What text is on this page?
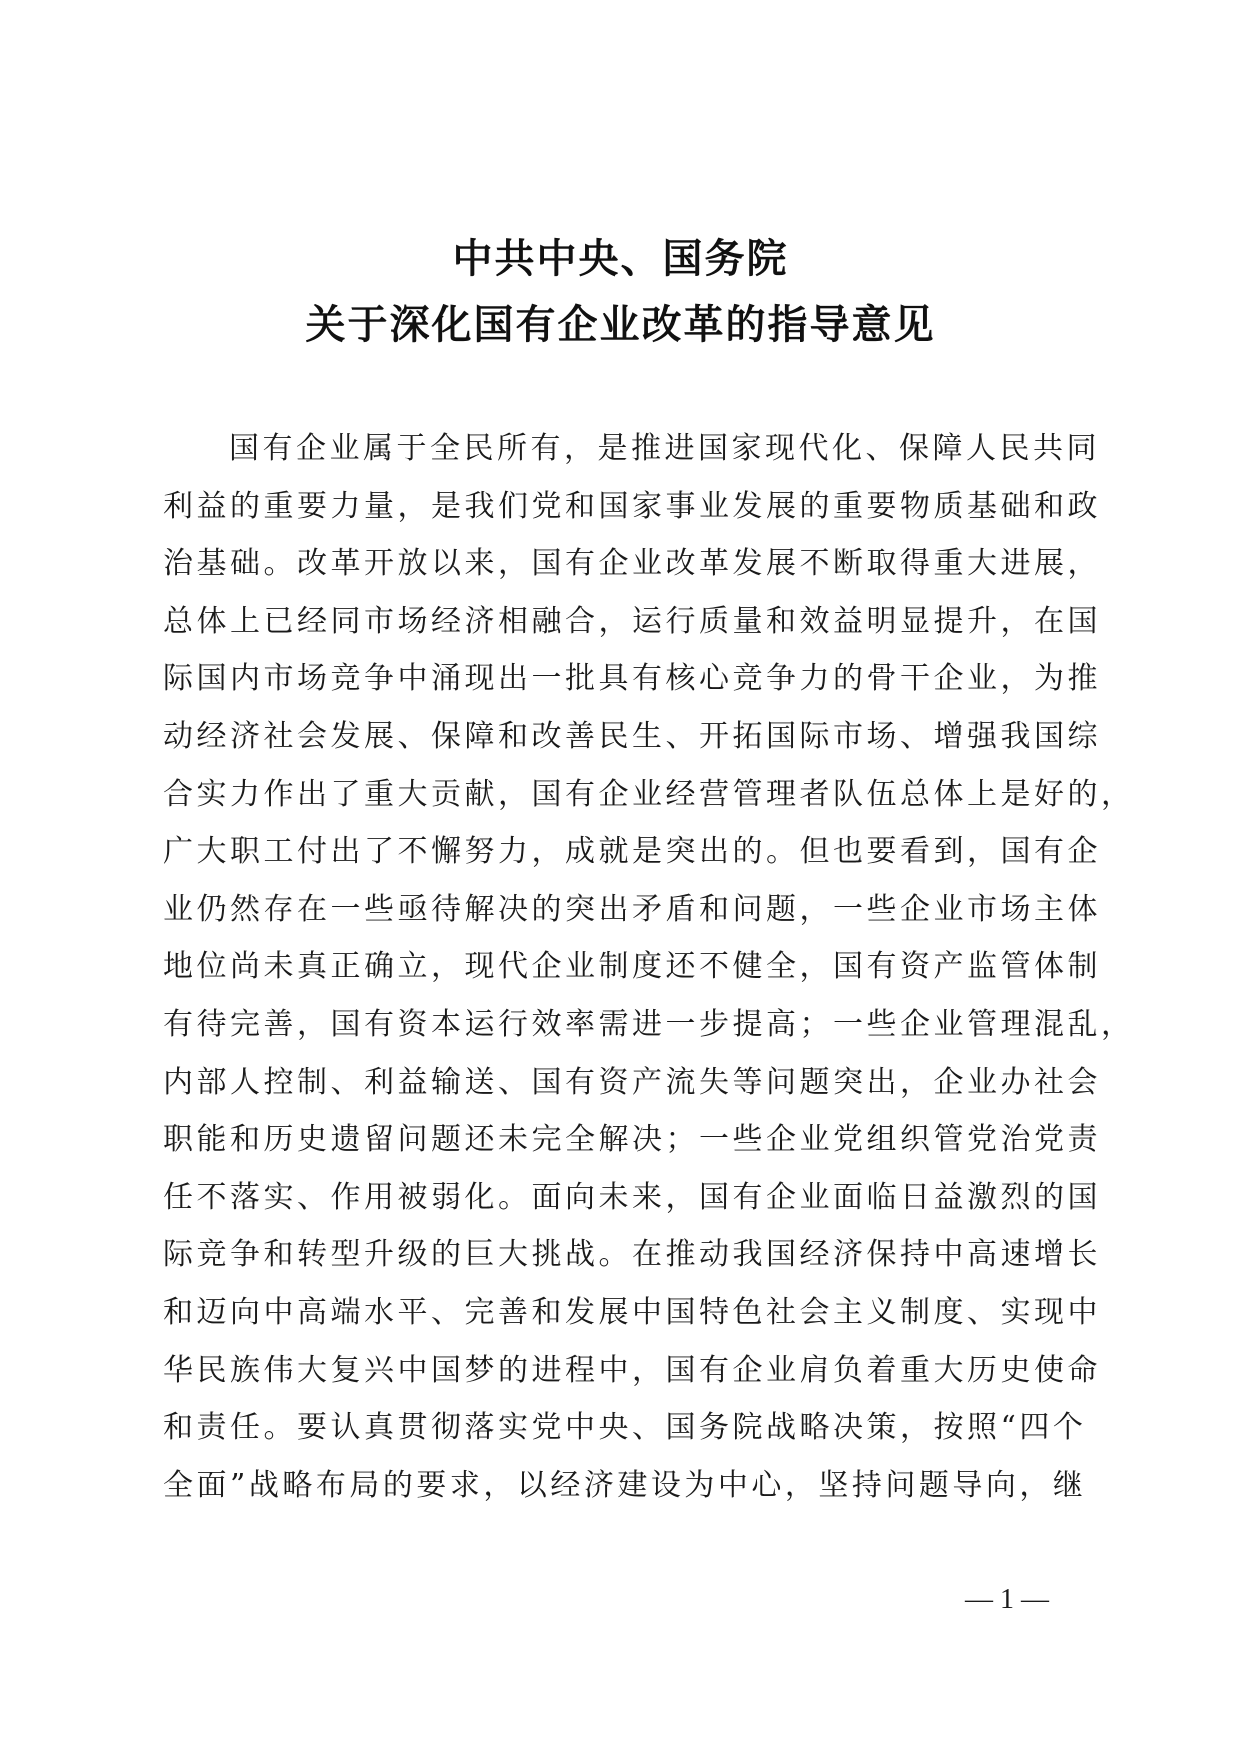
中共中央、国务院
关于深化国有企业改革的指导意见
国有企业属于全民所有，是推进国家现代化、保障人民共同
利益的重要力量，是我们党和国家事业发展的重要物质基础和政
治基础。改革开放以来，国有企业改革发展不断取得重大进展，
总体上已经同市场经济相融合，运行质量和效益明显提升，在国
际国内市场竞争中涌现出一批具有核心竞争力的骨干企业，为推
动经济社会发展、保障和改善民生、开拓国际市场、增强我国综
合实力作出了重大贡献，国有企业经营管理者队伍总体上是好的，
广大职工付出了不懈努力，成就是突出的。但也要看到，国有企
业仍然存在一些亟待解决的突出矛盾和问题，一些企业市场主体
地位尚未真正确立，现代企业制度还不健全，国有资产监管体制
有待完善，国有资本运行效率需进一步提高；一些企业管理混乱，
内部人控制、利益输送、国有资产流失等问题突出，企业办社会
职能和历史遗留问题还未完全解决；一些企业党组织管党治党责
任不落实、作用被弱化。面向未来，国有企业面临日益激烈的国
际竞争和转型升级的巨大挑战。在推动我国经济保持中高速增长
和迈向中高端水平、完善和发展中国特色社会主义制度、实现中
华民族伟大复兴中国梦的进程中，国有企业肩负着重大历史使命
和责任。要认真贯彻落实党中央、国务院战略决策，按照“四个
全面”战略布局的要求，以经济建设为中心，坚持问题导向，继
— 1 —
